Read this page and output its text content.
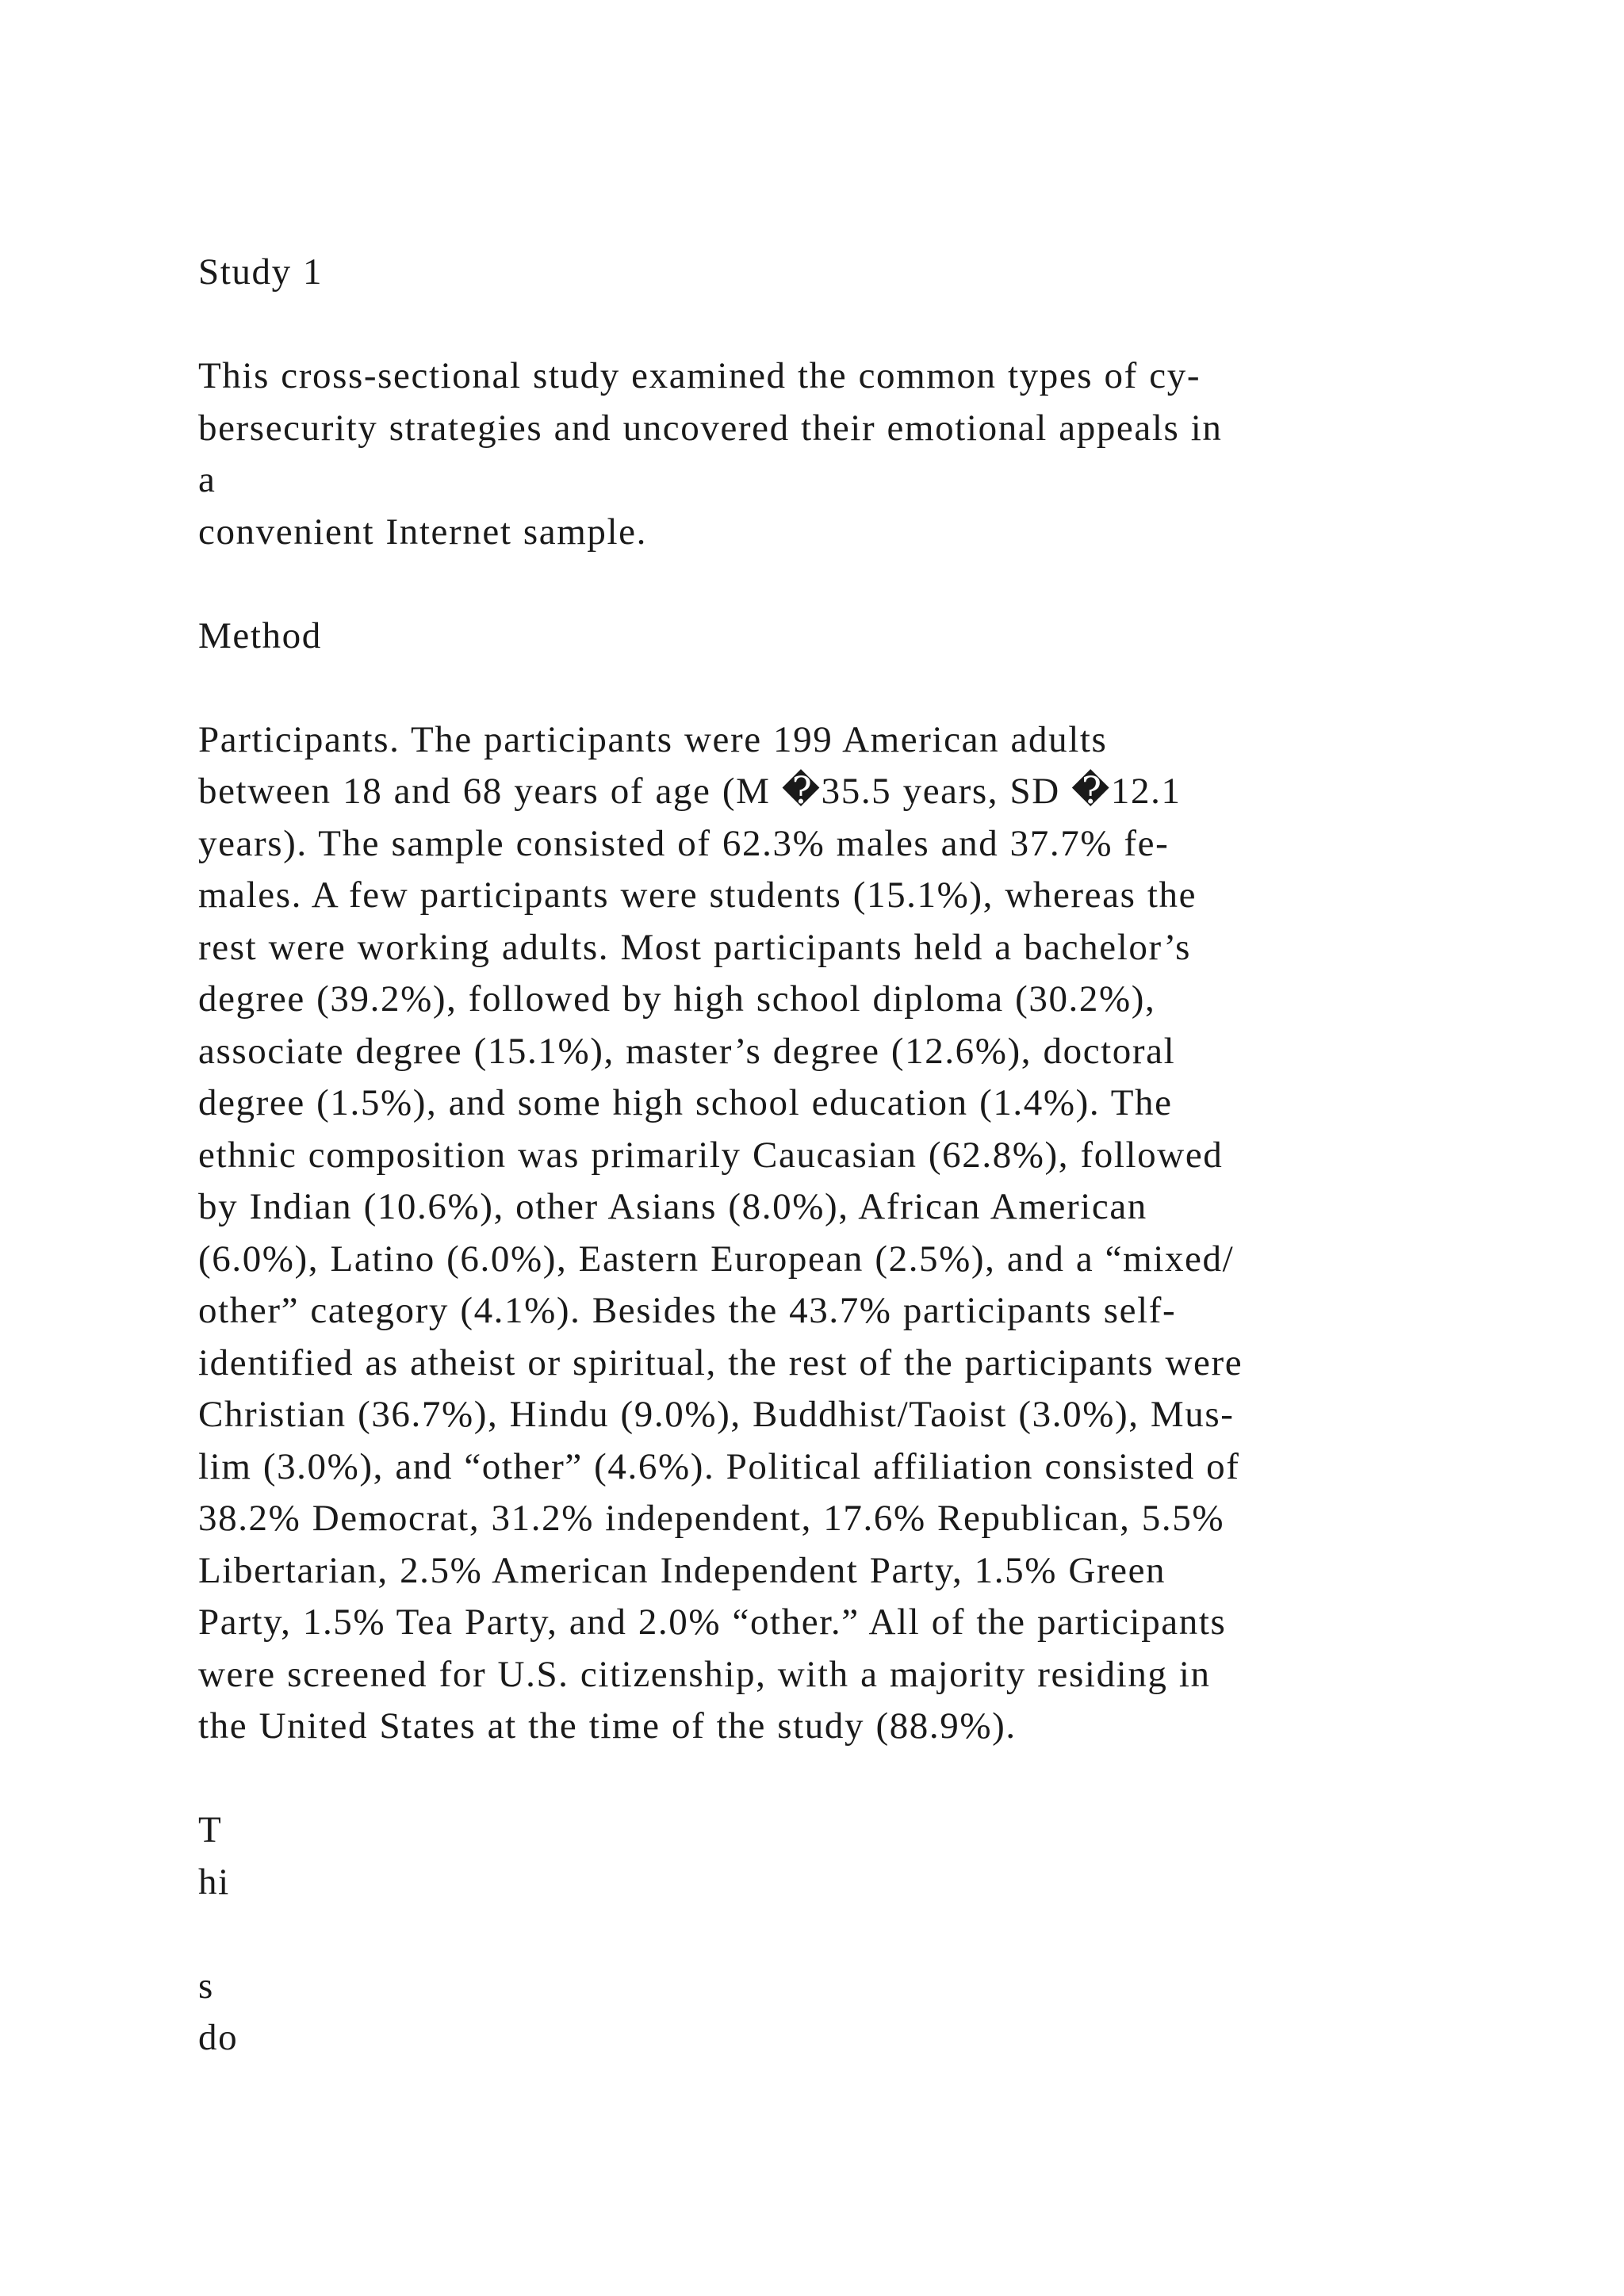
Study 1
This cross-sectional study examined the common types of cy-
bersecurity strategies and uncovered their emotional appeals in
a
convenient Internet sample.
Method
Participants. The participants were 199 American adults
between 18 and 68 years of age (M �35.5 years, SD �12.1
years). The sample consisted of 62.3% males and 37.7% fe-
males. A few participants were students (15.1%), whereas the
rest were working adults. Most participants held a bachelor’s
degree (39.2%), followed by high school diploma (30.2%),
associate degree (15.1%), master’s degree (12.6%), doctoral
degree (1.5%), and some high school education (1.4%). The
ethnic composition was primarily Caucasian (62.8%), followed
by Indian (10.6%), other Asians (8.0%), African American
(6.0%), Latino (6.0%), Eastern European (2.5%), and a “mixed/
other” category (4.1%). Besides the 43.7% participants self-
identified as atheist or spiritual, the rest of the participants were
Christian (36.7%), Hindu (9.0%), Buddhist/Taoist (3.0%), Mus-
lim (3.0%), and “other” (4.6%). Political affiliation consisted of
38.2% Democrat, 31.2% independent, 17.6% Republican, 5.5%
Libertarian, 2.5% American Independent Party, 1.5% Green
Party, 1.5% Tea Party, and 2.0% “other.” All of the participants
were screened for U.S. citizenship, with a majority residing in
the United States at the time of the study (88.9%).
T
hi
s
do
